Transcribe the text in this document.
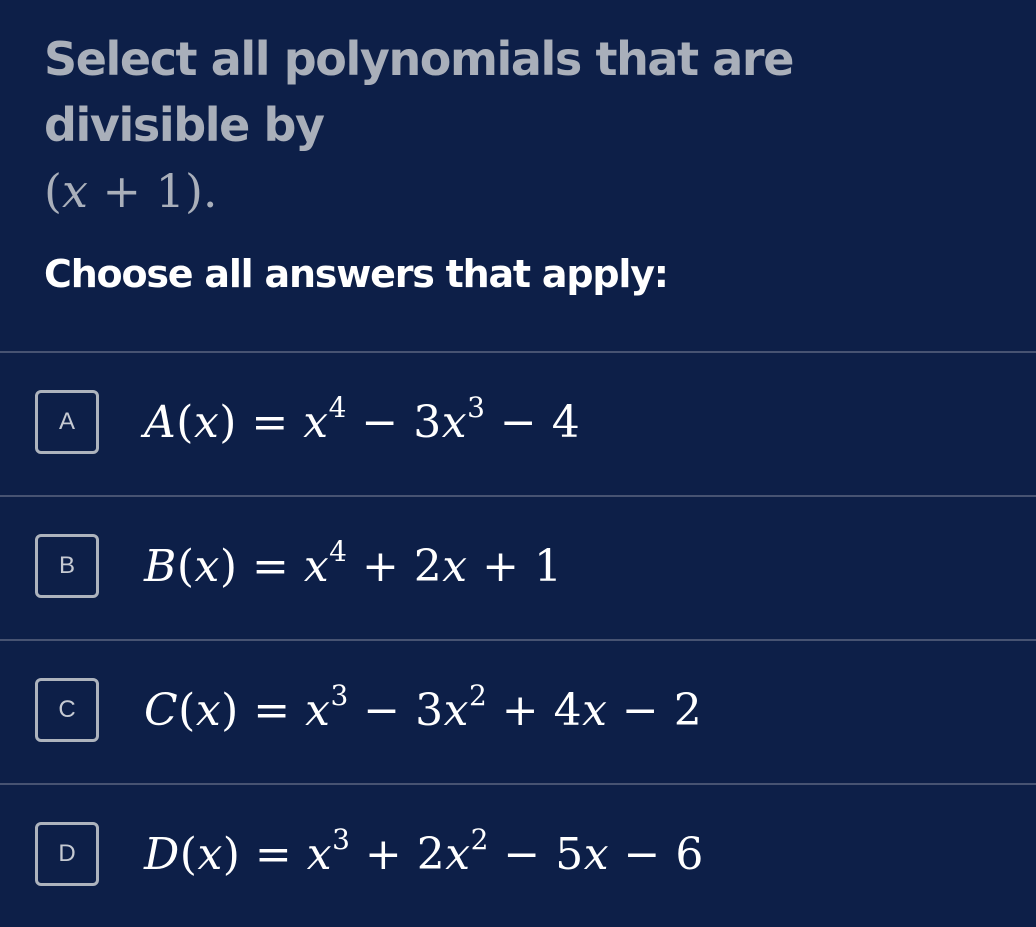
Select all polynomials that are divisible by
(𝑥 + 1).
Choose all answers that apply:
A	𝐴(𝑥) = 𝑥$^4$ − 3𝑥$^3$ − 4
B	𝐵(𝑥) = 𝑥$^4$ + 2𝑥 + 1
C	𝐶(𝑥) = 𝑥$^3$ − 3𝑥$^2$ + 4𝑥 − 2
D	𝐷(𝑥) = 𝑥$^3$ + 2𝑥$^2$ − 5𝑥 − 6
